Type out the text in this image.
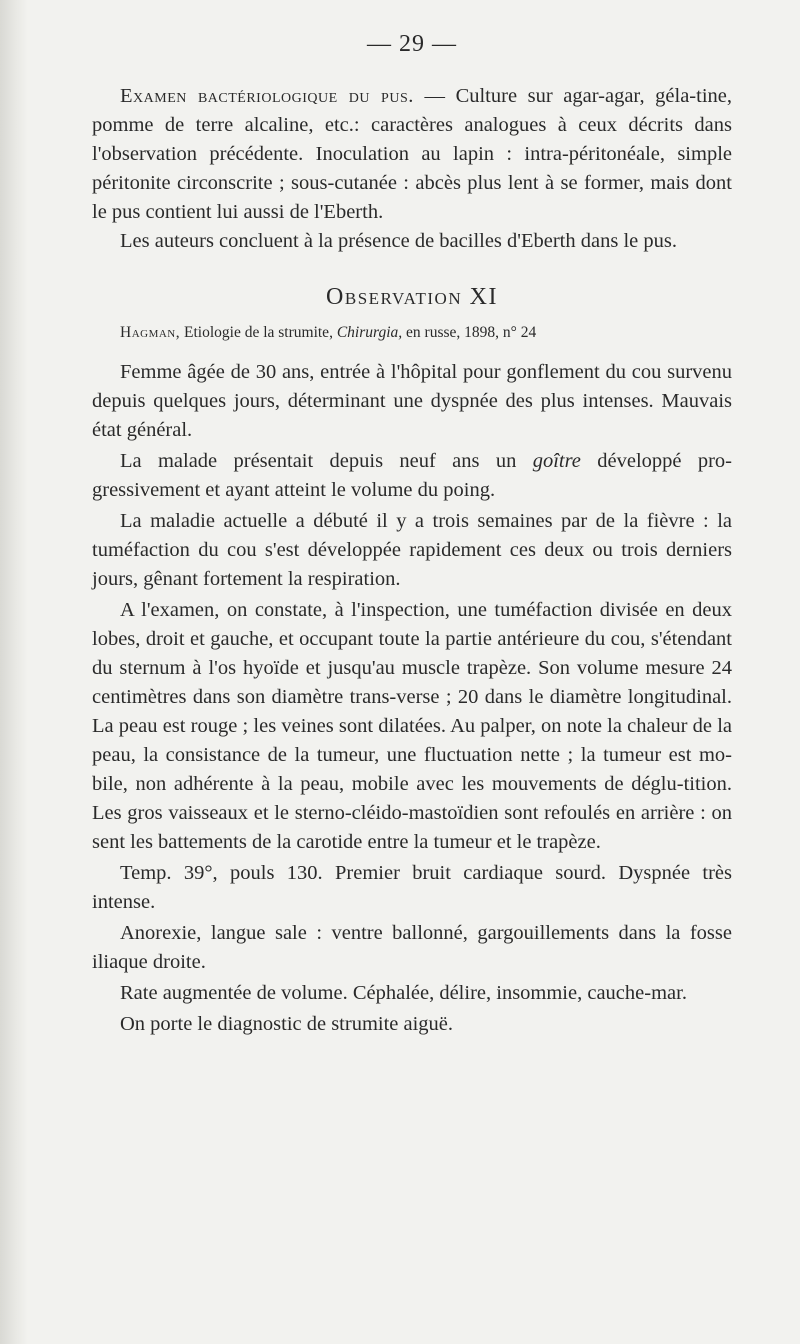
— 29 —

Examen bactériologique du pus. — Culture sur agar-agar, géla-tine, pomme de terre alcaline, etc.: caractères analogues à ceux décrits dans l'observation précédente. Inoculation au lapin : intra-péritonéale, simple péritonite circonscrite ; sous-cutanée : abcès plus lent à se former, mais dont le pus contient lui aussi de l'Eberth.

Les auteurs concluent à la présence de bacilles d'Eberth dans le pus.

Observation XI
Hagman, Etiologie de la strumite, Chirurgia, en russe, 1898, n° 24

Femme âgée de 30 ans, entrée à l'hôpital pour gonflement du cou survenu depuis quelques jours, déterminant une dyspnée des plus intenses. Mauvais état général.

La malade présentait depuis neuf ans un goître développé pro-gressivement et ayant atteint le volume du poing.

La maladie actuelle a débuté il y a trois semaines par de la fièvre : la tuméfaction du cou s'est développée rapidement ces deux ou trois derniers jours, gênant fortement la respiration.

A l'examen, on constate, à l'inspection, une tuméfaction divisée en deux lobes, droit et gauche, et occupant toute la partie antérieure du cou, s'étendant du sternum à l'os hyoïde et jusqu'au muscle trapèze. Son volume mesure 24 centimètres dans son diamètre trans-verse ; 20 dans le diamètre longitudinal. La peau est rouge ; les veines sont dilatées. Au palper, on note la chaleur de la peau, la consistance de la tumeur, une fluctuation nette ; la tumeur est mo-bile, non adhérente à la peau, mobile avec les mouvements de déglu-tition. Les gros vaisseaux et le sterno-cléido-mastoïdien sont refoulés en arrière : on sent les battements de la carotide entre la tumeur et le trapèze.

Temp. 39°, pouls 130. Premier bruit cardiaque sourd. Dyspnée très intense.

Anorexie, langue sale : ventre ballonné, gargouillements dans la fosse iliaque droite.

Rate augmentée de volume. Céphalée, délire, insommie, cauche-mar.

On porte le diagnostic de strumite aiguë.
